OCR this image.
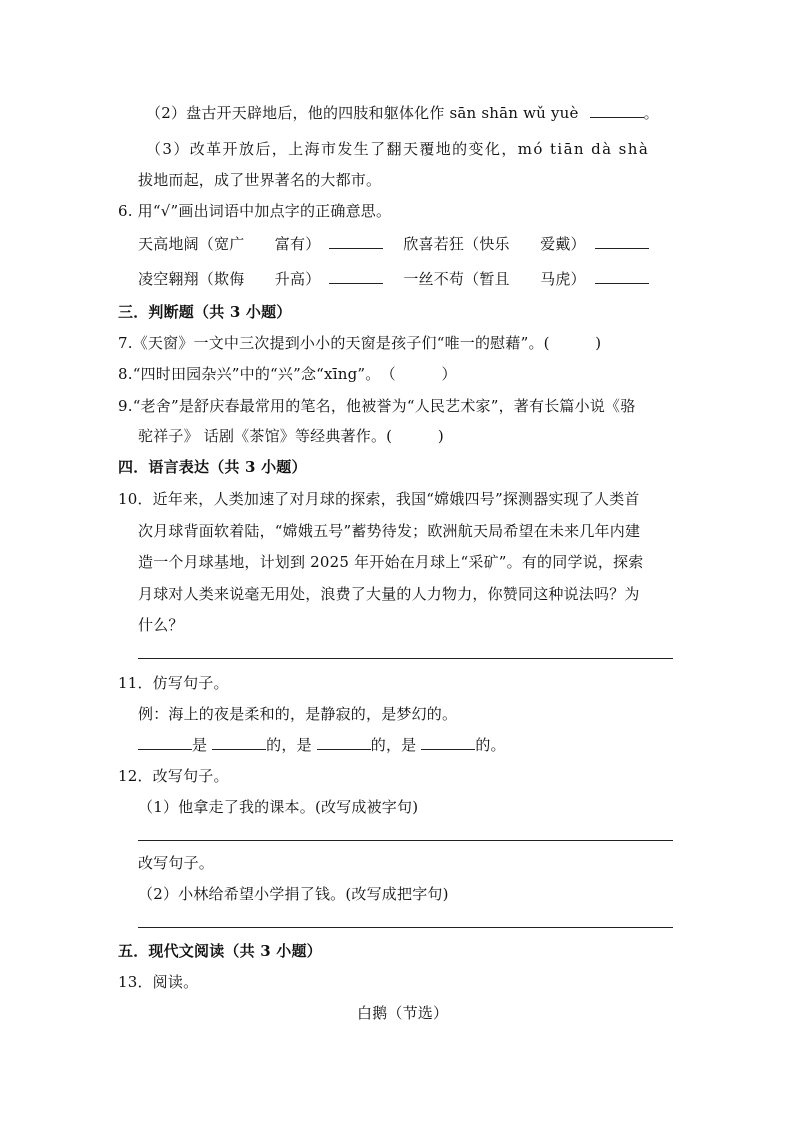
（2）盘古开天辟地后，他的四肢和躯体化作 sān shān wǔ yuè	。
（3）改革开放后，上海市发生了翻天覆地的变化，mó tiān dà shà
拔地而起，成了世界著名的大都市。
6. 用“√”画出词语中加点字的正确意思。
天高地阔（宽广　　富有）	欣喜若狂（快乐　　爱戴）
凌空翱翔（欺侮　　升高）	一丝不苟（暂且　　马虎）
三．判断题（共 3 小题）
7.《天窗》一文中三次提到小小的天窗是孩子们“唯一的慰藉”。(　　　)
8.“四时田园杂兴”中的“兴”念“xīng”。　（　　　）
9.“老舍”是舒庆春最常用的笔名，他被誉为“人民艺术家”，著有长篇小说《骆
驼祥子》 话剧《茶馆》等经典著作。(　　　)
四．语言表达（共 3 小题）
10．近年来，人类加速了对月球的探索，我国“嫦娥四号”探测器实现了人类首
次月球背面软着陆，“嫦娥五号”蓄势待发；欧洲航天局希望在未来几年内建
造一个月球基地，计划到 2025 年开始在月球上“采矿”。有的同学说，探索
月球对人类来说毫无用处，浪费了大量的人力物力，你赞同这种说法吗？为
什么？
11．仿写句子。
例：海上的夜是柔和的，是静寂的，是梦幻的。
是	的，是	的，是	的。
12．改写句子。
（1）他拿走了我的课本。(改写成被字句)
改写句子。
（2）小林给希望小学捐了钱。(改写成把字句)
五．现代文阅读（共 3 小题）
13．阅读。
白鹅（节选）
